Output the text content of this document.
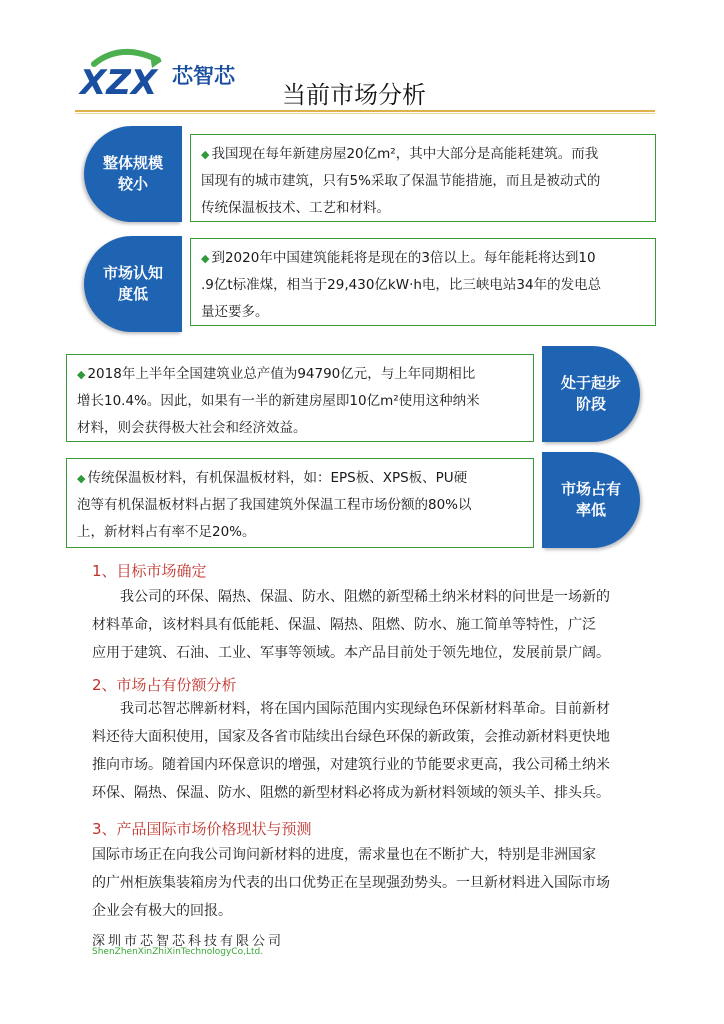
XZX 芯智芯
当前市场分析
整体规模
较小
◆ 我国现在每年新建房屋20亿m²，其中大部分是高能耗建筑。而我
国现有的城市建筑，只有5%采取了保温节能措施，而且是被动式的
传统保温板技术、工艺和材料。
市场认知
度低
◆ 到2020年中国建筑能耗将是现在的3倍以上。每年能耗将达到10
.9亿t标准煤，相当于29,430亿kW·h电，比三峡电站34年的发电总
量还要多。
◆ 2018年上半年全国建筑业总产值为94790亿元，与上年同期相比
增长10.4%。因此，如果有一半的新建房屋即10亿m²使用这种纳米
材料，则会获得极大社会和经济效益。
处于起步
阶段
◆ 传统保温板材料，有机保温板材料，如：EPS板、XPS板、PU硬
泡等有机保温板材料占据了我国建筑外保温工程市场份额的80%以
上，新材料占有率不足20%。
市场占有
率低
1、目标市场确定
　　我公司的环保、隔热、保温、防水、阻燃的新型稀土纳米材料的问世是一场新的
材料革命，该材料具有低能耗、保温、隔热、阻燃、防水、施工简单等特性，广泛
应用于建筑、石油、工业、军事等领域。本产品目前处于领先地位，发展前景广阔。
2、市场占有份额分析
　　我司芯智芯牌新材料，将在国内国际范围内实现绿色环保新材料革命。目前新材
料还待大面积使用，国家及各省市陆续出台绿色环保的新政策，会推动新材料更快地
推向市场。随着国内环保意识的增强，对建筑行业的节能要求更高，我公司稀土纳米
环保、隔热、保温、防水、阻燃的新型材料必将成为新材料领域的领头羊、排头兵。
3、产品国际市场价格现状与预测
国际市场正在向我公司询问新材料的进度，需求量也在不断扩大，特别是非洲国家
的广州柜族集装箱房为代表的出口优势正在呈现强劲势头。一旦新材料进入国际市场
企业会有极大的回报。
深圳市芯智芯科技有限公司
ShenZhenXinZhiXinTechnologyCo,Ltd.
